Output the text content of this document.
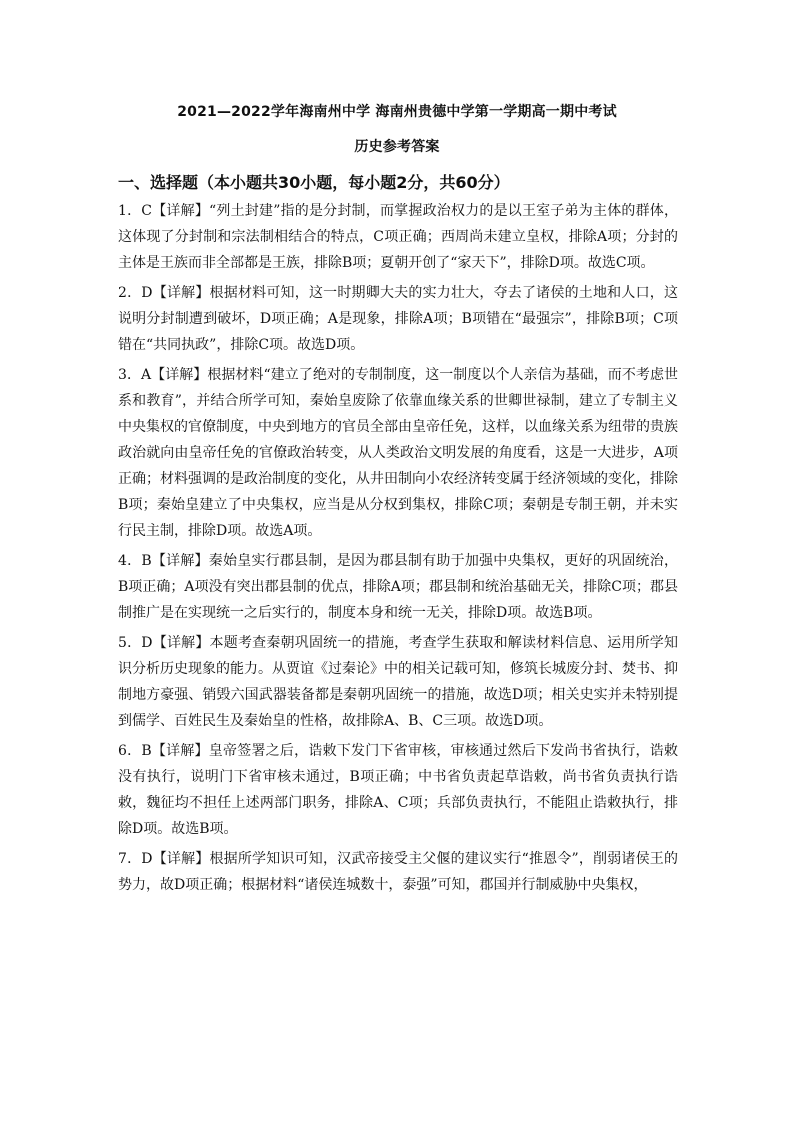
2021—2022学年海南州中学 海南州贵德中学第一学期高一期中考试
历史参考答案
一、选择题（本小题共30小题，每小题2分，共60分）

1．C【详解】“列土封建”指的是分封制，而掌握政治权力的是以王室子弟为主体的群体，这体现了分封制和宗法制相结合的特点，C项正确；西周尚未建立皇权，排除A项；分封的主体是王族而非全部都是王族，排除B项；夏朝开创了“家天下”，排除D项。故选C项。

2．D【详解】根据材料可知，这一时期卿大夫的实力壮大，夺去了诸侯的土地和人口，这说明分封制遭到破坏，D项正确；A是现象，排除A项；B项错在“最强宗”，排除B项；C项错在“共同执政”，排除C项。故选D项。

3．A【详解】根据材料“建立了绝对的专制制度，这一制度以个人亲信为基础，而不考虑世系和教育”，并结合所学可知，秦始皇废除了依靠血缘关系的世卿世禄制，建立了专制主义中央集权的官僚制度，中央到地方的官员全部由皇帝任免，这样，以血缘关系为纽带的贵族政治就向由皇帝任免的官僚政治转变，从人类政治文明发展的角度看，这是一大进步，A项正确；材料强调的是政治制度的变化，从井田制向小农经济转变属于经济领域的变化，排除B项；秦始皇建立了中央集权，应当是从分权到集权，排除C项；秦朝是专制王朝，并未实行民主制，排除D项。故选A项。

4．B【详解】秦始皇实行郡县制，是因为郡县制有助于加强中央集权，更好的巩固统治，B项正确；A项没有突出郡县制的优点，排除A项；郡县制和统治基础无关，排除C项；郡县制推广是在实现统一之后实行的，制度本身和统一无关，排除D项。故选B项。

5．D【详解】本题考查秦朝巩固统一的措施，考查学生获取和解读材料信息、运用所学知识分析历史现象的能力。从贾谊《过秦论》中的相关记载可知，修筑长城废分封、焚书、抑制地方豪强、销毁六国武器装备都是秦朝巩固统一的措施，故选D项；相关史实并未特别提到儒学、百姓民生及秦始皇的性格，故排除A、B、C三项。故选D项。

6．B【详解】皇帝签署之后，诰敕下发门下省审核，审核通过然后下发尚书省执行，诰敕没有执行，说明门下省审核未通过，B项正确；中书省负责起草诰敕，尚书省负责执行诰敕，魏征均不担任上述两部门职务，排除A、C项；兵部负责执行，不能阻止诰敕执行，排除D项。故选B项。

7．D【详解】根据所学知识可知，汉武帝接受主父偃的建议实行“推恩令”，削弱诸侯王的势力，故D项正确；根据材料“诸侯连城数十，泰强”可知，郡国并行制威胁中央集权，
